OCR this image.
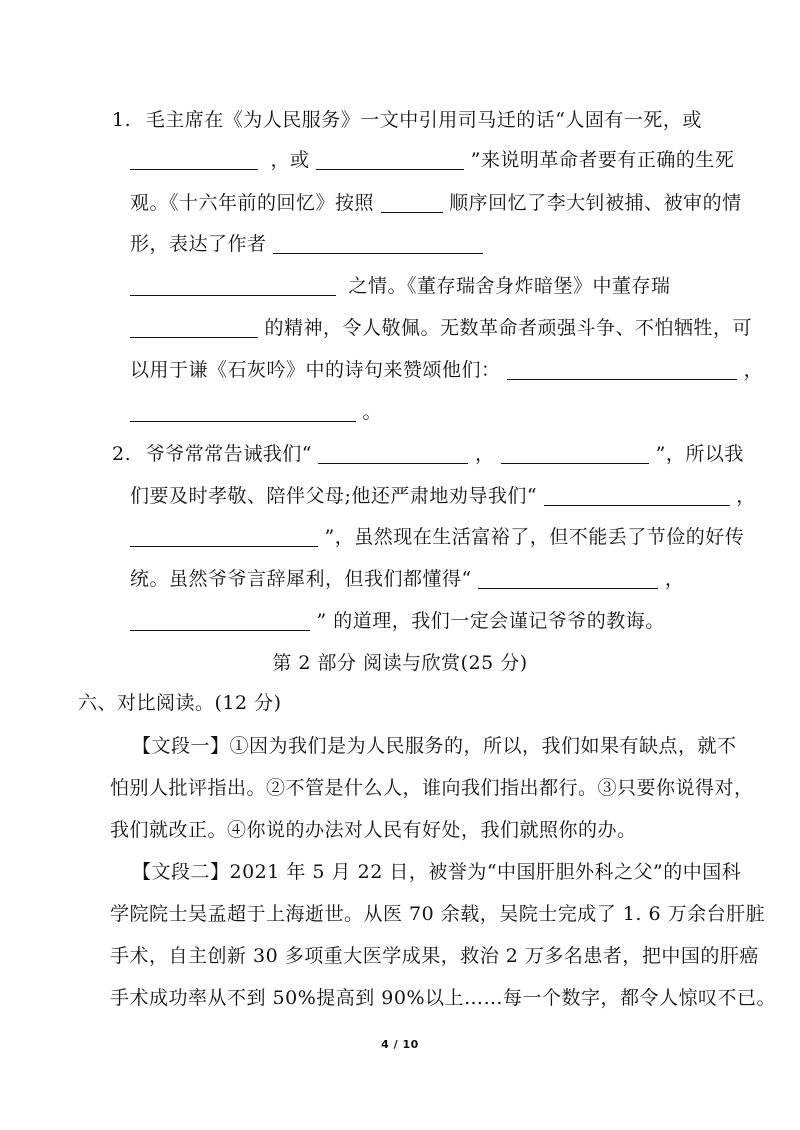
1. 毛主席在《为人民服务》一文中引用司马迁的话“人固有一死，或
，或	”来说明革命者要有正确的生死
观。《十六年前的回忆》按照	顺序回忆了李大钊被捕、被审的情
形，表达了作者
之情。《董存瑞舍身炸暗堡》中董存瑞
的精神，令人敬佩。无数革命者顽强斗争、不怕牺牲，可
以用于谦《石灰吟》中的诗句来赞颂他们：	，
。
2. 爷爷常常告诫我们“	，	”，所以我
们要及时孝敬、陪伴父母;他还严肃地劝导我们“	，
”，虽然现在生活富裕了，但不能丢了节俭的好传
统。虽然爷爷言辞犀利，但我们都懂得“	，
” 的道理，我们一定会谨记爷爷的教诲。
第 2 部分 阅读与欣赏(25 分)
六、对比阅读。(12 分)
【文段一】①因为我们是为人民服务的，所以，我们如果有缺点，就不
怕别人批评指出。②不管是什么人，谁向我们指出都行。③只要你说得对，
我们就改正。④你说的办法对人民有好处，我们就照你的办。
【文段二】2021 年 5 月 22 日，被誉为“中国肝胆外科之父”的中国科
学院院士吴孟超于上海逝世。从医 70 余载，吴院士完成了 1. 6 万余台肝脏
手术，自主创新 30 多项重大医学成果，救治 2 万多名患者，把中国的肝癌
手术成功率从不到 50%提高到 90%以上……每一个数字，都令人惊叹不已。
4 / 10
